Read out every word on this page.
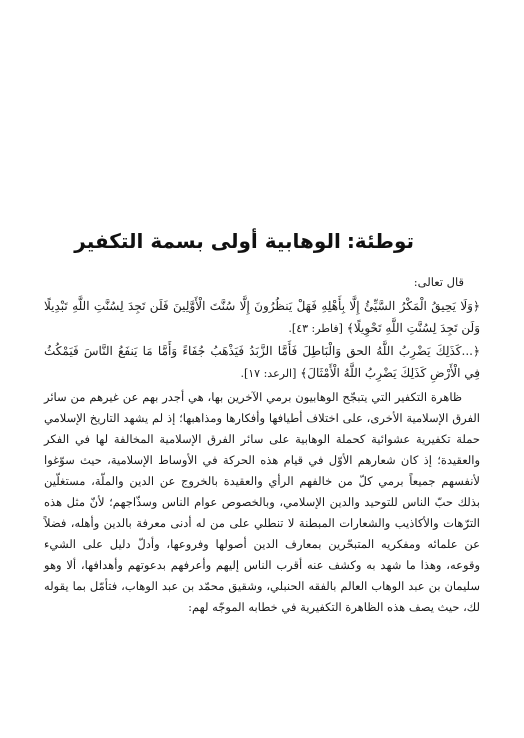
توطئة:الوهابية أولى بسمة التكفير

قال تعالى:

﴿وَلَا يَحِيقُ الْمَكْرُ السَّيِّئُ إِلَّا بِأَهْلِهِ فَهَلْ يَنظُرُونَ إِلَّا سُنَّتَ الْأَوَّلِينَ فَلَن تَجِدَ لِسُنَّتِ اللَّهِ تَبْدِيلًا وَلَن تَجِدَ لِسُنَّتِ اللَّهِ تَحْوِيلًا﴾ [فاطر: ٤٣].

﴿...كَذَلِكَ يَضْرِبُ اللَّهُ الحق وَالْبَاطِلَ فَأَمَّا الزَّبَدُ فَيَذْهَبُ جُفَاءً وَأَمَّا مَا يَنفَعُ النَّاسَ فَيَمْكُثُ فِي الْأَرْضِ كَذَلِكَ يَضْرِبُ اللَّهُ الْأَمْثَالَ﴾ [الرعد: ١٧].

ظاهرة التكفير التي يتبجّح الوهابيون برمي الآخرين بها، هي أجدر بهم عن غيرهم من سائر الفرق الإسلامية الأخرى، على اختلاف أطيافها وأفكارها ومذاهبها؛ إذ لم يشهد التاريخ الإسلامي حملة تكفيرية عشوائية كحملة الوهابية على سائر الفرق الإسلامية المخالفة لها في الفكر والعقيدة؛ إذ كان شعارهم الأوّل في قيام هذه الحركة في الأوساط الإسلامية، حيث سوّغوا لأنفسهم جميعاً برمي كلّ من خالفهم الرأي والعقيدة بالخروج عن الدين والملّة، مستغلّين بذلك حبّ الناس للتوحيد والدين الإسلامي، وبالخصوص عوام الناس وسذّاجهم؛ لأنّ مثل هذه الترّهات والأكاذيب والشعارات المبطنة لا تنطلي على من له أدنى معرفة بالدين وأهله، فضلاً عن علمائه ومفكريه المتبحّرين بمعارف الدين أصولها وفروعها، وأدلّ دليل على الشيء وقوعه، وهذا ما شهد به وكشف عنه أقرب الناس إليهم وأعرفهم بدعوتهم وأهدافها، ألا وهو سليمان بن عبد الوهاب العالم بالفقه الحنبلي، وشقيق محمّد بن عبد الوهاب، فتأمّل بما يقوله لك، حيث يصف هذه الظاهرة التكفيرية في خطابه الموجّه لهم:
